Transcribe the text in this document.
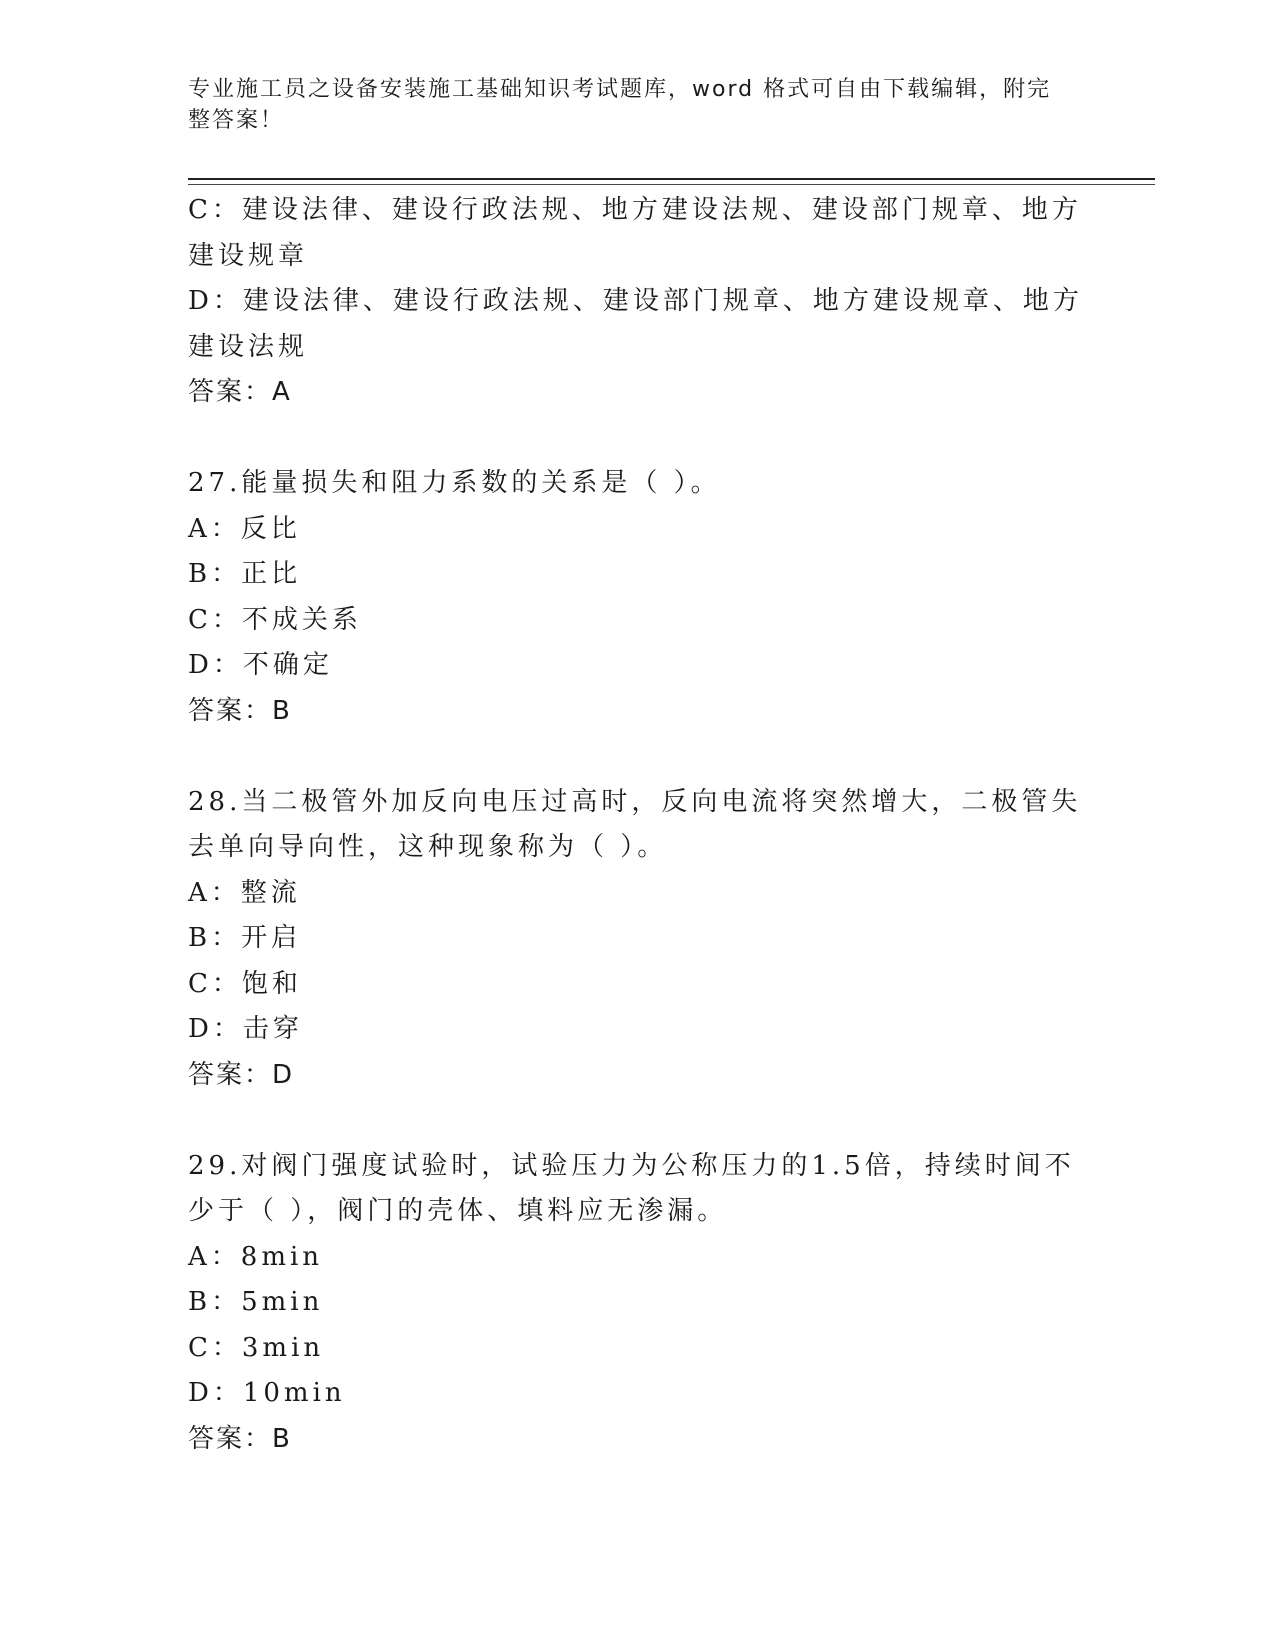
专业施工员之设备安装施工基础知识考试题库，word 格式可自由下载编辑，附完整答案！
C：建设法律、建设行政法规、地方建设法规、建设部门规章、地方建设规章
D：建设法律、建设行政法规、建设部门规章、地方建设规章、地方建设法规
答案：A
27.能量损失和阻力系数的关系是（ ）。
A：反比
B：正比
C：不成关系
D：不确定
答案：B
28.当二极管外加反向电压过高时，反向电流将突然增大，二极管失去单向导向性，这种现象称为（ ）。
A：整流
B：开启
C：饱和
D：击穿
答案：D
29.对阀门强度试验时，试验压力为公称压力的1.5倍，持续时间不少于（ ），阀门的壳体、填料应无渗漏。
A：8min
B：5min
C：3min
D：10min
答案：B
